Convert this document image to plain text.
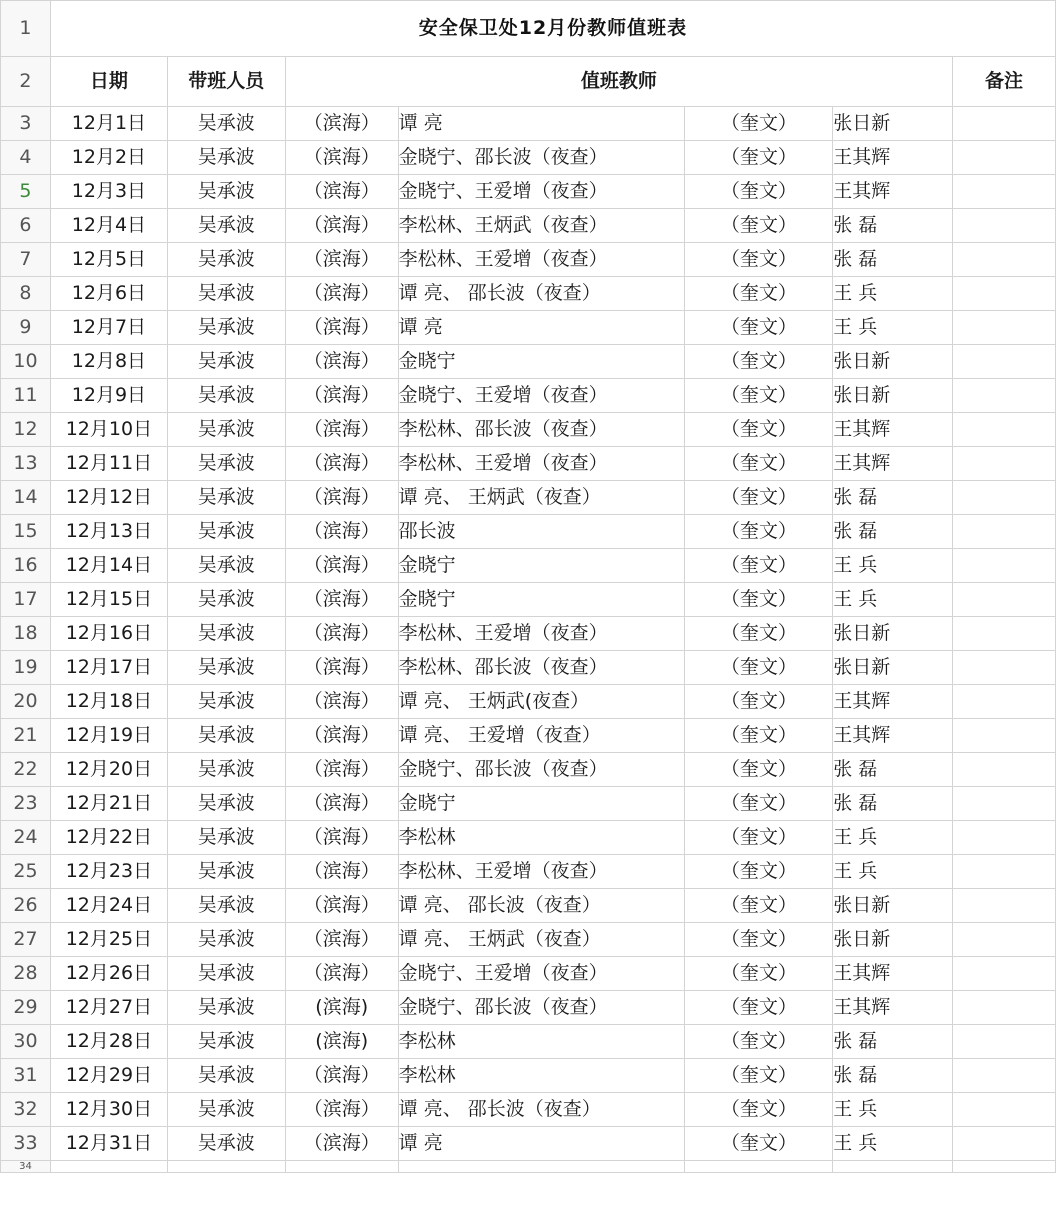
1	安全保卫处12月份教师值班表						
2	日期	带班人员	值班教师				备注
3	12月1日	吴承波	（滨海）	谭 亮	（奎文）	张日新	
4	12月2日	吴承波	（滨海）	金晓宁、邵长波（夜查）	（奎文）	王其辉	
5	12月3日	吴承波	（滨海）	金晓宁、王爱增（夜查）	（奎文）	王其辉	
6	12月4日	吴承波	（滨海）	李松林、王炳武（夜查）	（奎文）	张 磊	
7	12月5日	吴承波	（滨海）	李松林、王爱增（夜查）	（奎文）	张 磊	
8	12月6日	吴承波	（滨海）	谭 亮、 邵长波（夜查）	（奎文）	王 兵	
9	12月7日	吴承波	（滨海）	谭 亮	（奎文）	王 兵	
10	12月8日	吴承波	（滨海）	金晓宁	（奎文）	张日新	
11	12月9日	吴承波	（滨海）	金晓宁、王爱增（夜查）	（奎文）	张日新	
12	12月10日	吴承波	（滨海）	李松林、邵长波（夜查）	（奎文）	王其辉	
13	12月11日	吴承波	（滨海）	李松林、王爱增（夜查）	（奎文）	王其辉	
14	12月12日	吴承波	（滨海）	谭 亮、 王炳武（夜查）	（奎文）	张 磊	
15	12月13日	吴承波	（滨海）	邵长波	（奎文）	张 磊	
16	12月14日	吴承波	（滨海）	金晓宁	（奎文）	王 兵	
17	12月15日	吴承波	（滨海）	金晓宁	（奎文）	王 兵	
18	12月16日	吴承波	（滨海）	李松林、王爱增（夜查）	（奎文）	张日新	
19	12月17日	吴承波	（滨海）	李松林、邵长波（夜查）	（奎文）	张日新	
20	12月18日	吴承波	（滨海）	谭 亮、 王炳武(夜查）	（奎文）	王其辉	
21	12月19日	吴承波	（滨海）	谭 亮、 王爱增（夜查）	（奎文）	王其辉	
22	12月20日	吴承波	（滨海）	金晓宁、邵长波（夜查）	（奎文）	张 磊	
23	12月21日	吴承波	（滨海）	金晓宁	（奎文）	张 磊	
24	12月22日	吴承波	（滨海）	李松林	（奎文）	王 兵	
25	12月23日	吴承波	（滨海）	李松林、王爱增（夜查）	（奎文）	王 兵	
26	12月24日	吴承波	（滨海）	谭 亮、 邵长波（夜查）	（奎文）	张日新	
27	12月25日	吴承波	（滨海）	谭 亮、 王炳武（夜查）	（奎文）	张日新	
28	12月26日	吴承波	（滨海）	金晓宁、王爱增（夜查）	（奎文）	王其辉	
29	12月27日	吴承波	(滨海)	金晓宁、邵长波（夜查）	（奎文）	王其辉	
30	12月28日	吴承波	(滨海)	李松林	（奎文）	张 磊	
31	12月29日	吴承波	（滨海）	李松林	（奎文）	张 磊	
32	12月30日	吴承波	（滨海）	谭 亮、 邵长波（夜查）	（奎文）	王 兵	
33	12月31日	吴承波	（滨海）	谭 亮	（奎文）	王 兵	
34							
